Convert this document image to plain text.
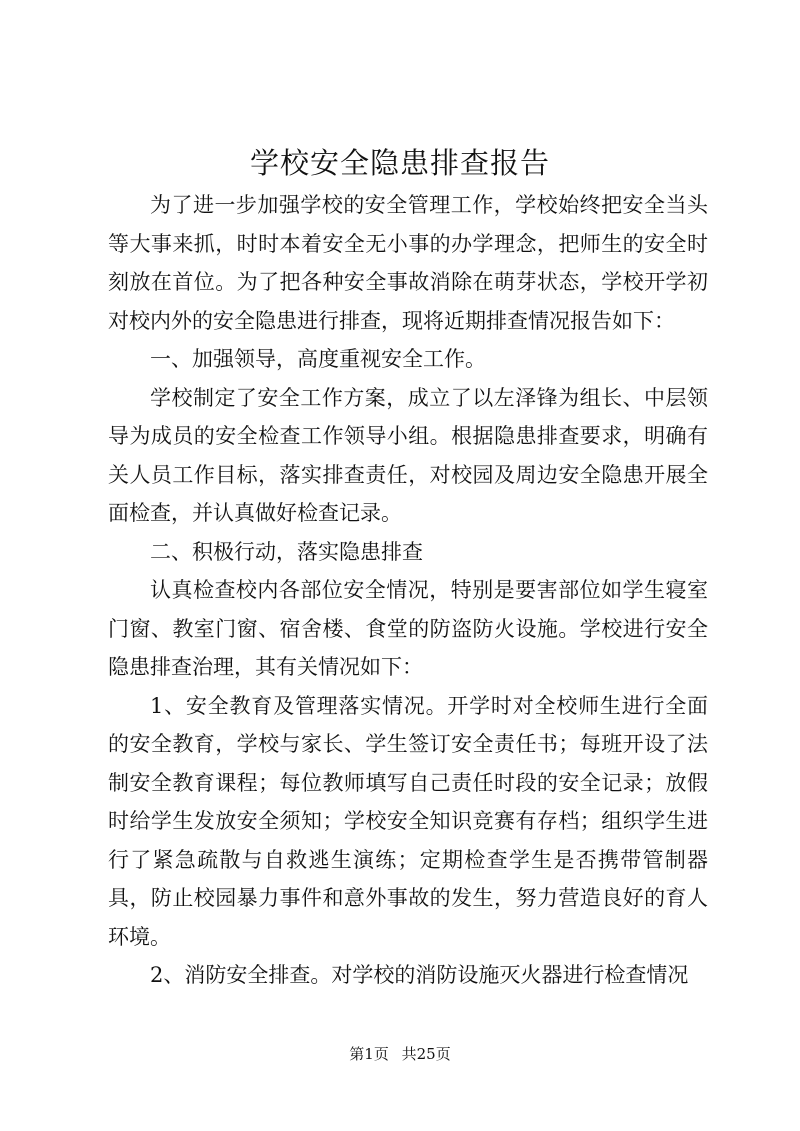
学校安全隐患排查报告

为了进一步加强学校的安全管理工作，学校始终把安全当头等大事来抓，时时本着安全无小事的办学理念，把师生的安全时刻放在首位。为了把各种安全事故消除在萌芽状态，学校开学初对校内外的安全隐患进行排查，现将近期排查情况报告如下：

一、加强领导，高度重视安全工作。

学校制定了安全工作方案，成立了以左泽锋为组长、中层领导为成员的安全检查工作领导小组。根据隐患排查要求，明确有关人员工作目标，落实排查责任，对校园及周边安全隐患开展全面检查，并认真做好检查记录。

二、积极行动，落实隐患排查

认真检查校内各部位安全情况，特别是要害部位如学生寝室门窗、教室门窗、宿舍楼、食堂的防盗防火设施。学校进行安全隐患排查治理，其有关情况如下：

1、安全教育及管理落实情况。开学时对全校师生进行全面的安全教育，学校与家长、学生签订安全责任书；每班开设了法制安全教育课程；每位教师填写自己责任时段的安全记录；放假时给学生发放安全须知；学校安全知识竞赛有存档；组织学生进行了紧急疏散与自救逃生演练；定期检查学生是否携带管制器具，防止校园暴力事件和意外事故的发生，努力营造良好的育人环境。

2、消防安全排查。对学校的消防设施灭火器进行检查情况

第1页 共25页
